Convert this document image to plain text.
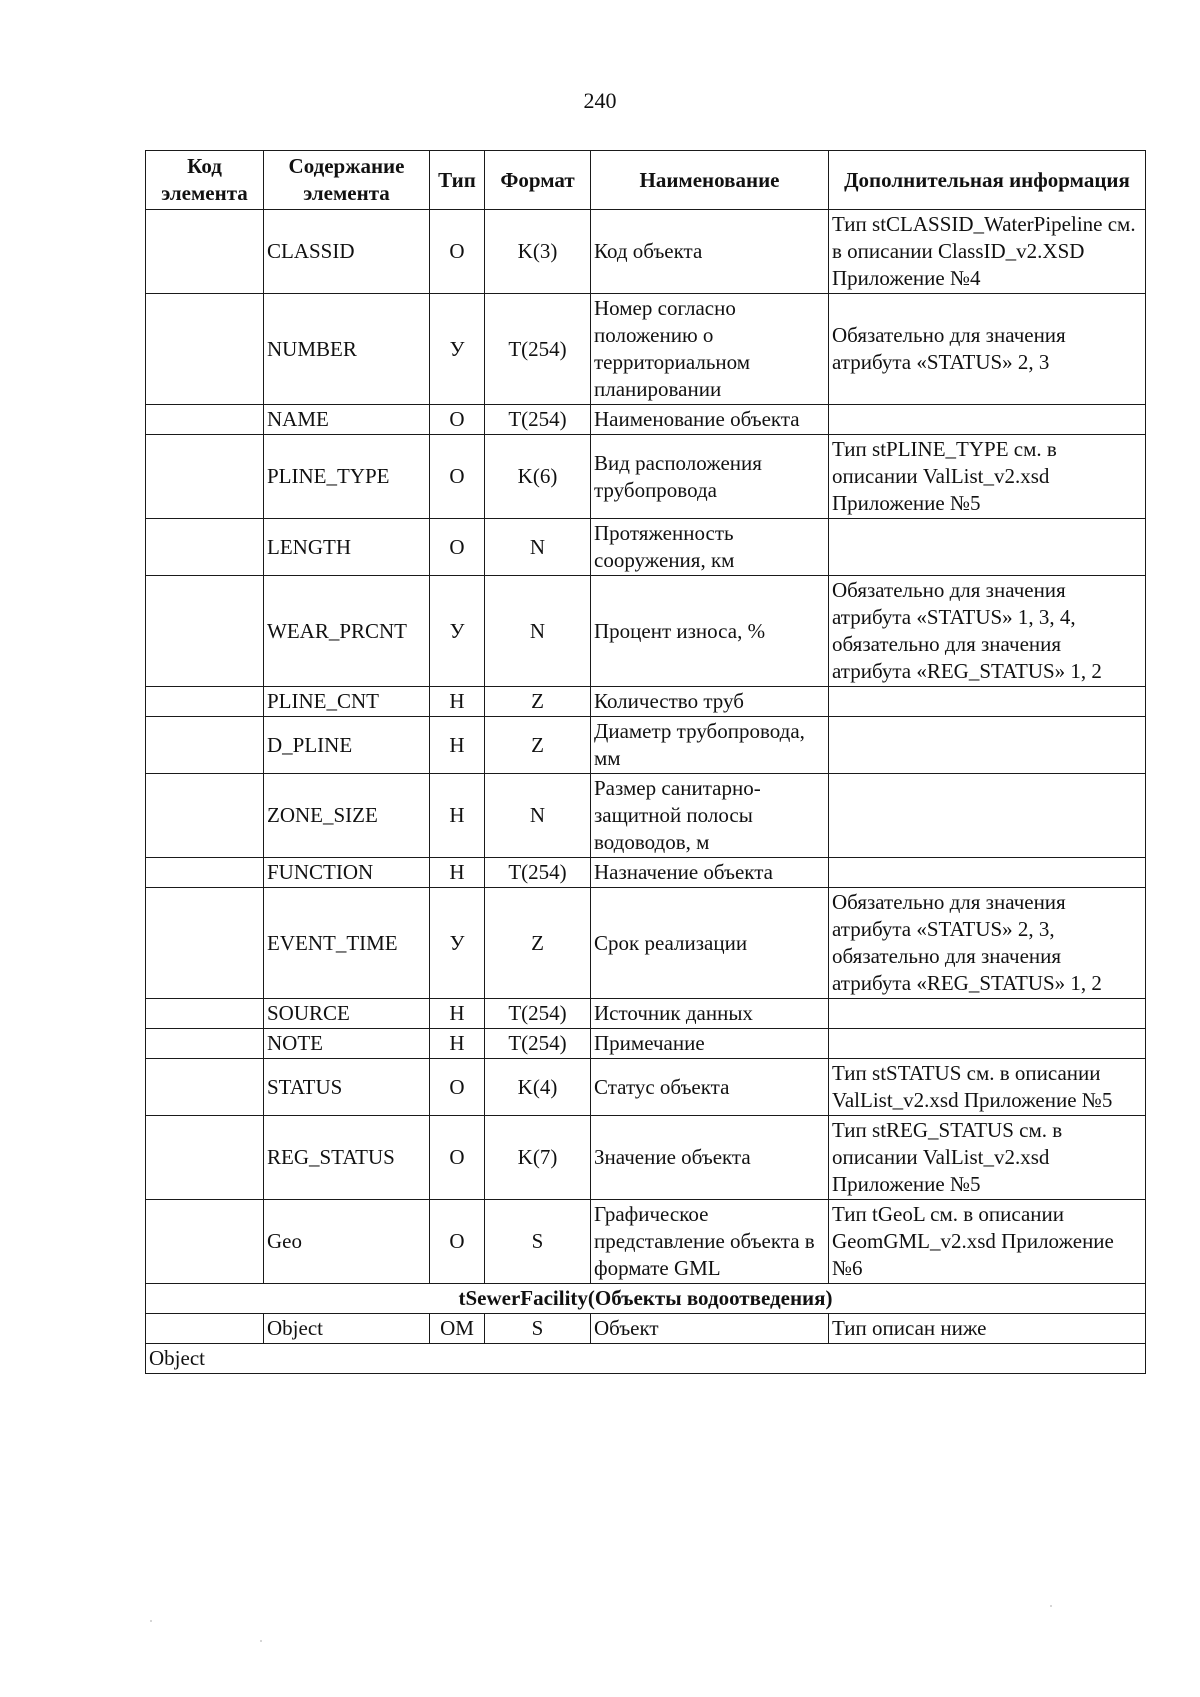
240
Код элемента	Содержание элемента	Тип	Формат	Наименование	Дополнительная информация
	CLASSID	О	K(3)	Код объекта	Тип stCLASSID_WaterPipeline см. в описании ClassID_v2.XSD Приложение №4
	NUMBER	У	T(254)	Номер согласно положению о территориальном планировании	Обязательно для значения атрибута «STATUS» 2, 3
	NAME	О	T(254)	Наименование объекта	
	PLINE_TYPE	О	K(6)	Вид расположения трубопровода	Тип stPLINE_TYPE см. в описании ValList_v2.xsd Приложение №5
	LENGTH	О	N	Протяженность сооружения, км	
	WEAR_PRCNT	У	N	Процент износа, %	Обязательно для значения атрибута «STATUS» 1, 3, 4, обязательно для значения атрибута «REG_STATUS» 1, 2
	PLINE_CNT	Н	Z	Количество труб	
	D_PLINE	Н	Z	Диаметр трубопровода, мм	
	ZONE_SIZE	Н	N	Размер санитарно-защитной полосы водоводов, м	
	FUNCTION	Н	T(254)	Назначение объекта	
	EVENT_TIME	У	Z	Срок реализации	Обязательно для значения атрибута «STATUS» 2, 3, обязательно для значения атрибута «REG_STATUS» 1, 2
	SOURCE	Н	T(254)	Источник данных	
	NOTE	Н	T(254)	Примечание	
	STATUS	О	K(4)	Статус объекта	Тип stSTATUS см. в описании ValList_v2.xsd Приложение №5
	REG_STATUS	О	K(7)	Значение объекта	Тип stREG_STATUS см. в описании ValList_v2.xsd Приложение №5
	Geo	О	S	Графическое представление объекта в формате GML	Тип tGeoL см. в описании GeomGML_v2.xsd Приложение №6
tSewerFacility(Объекты водоотведения)					
	Object	ОМ	S	Объект	Тип описан ниже
Object					
